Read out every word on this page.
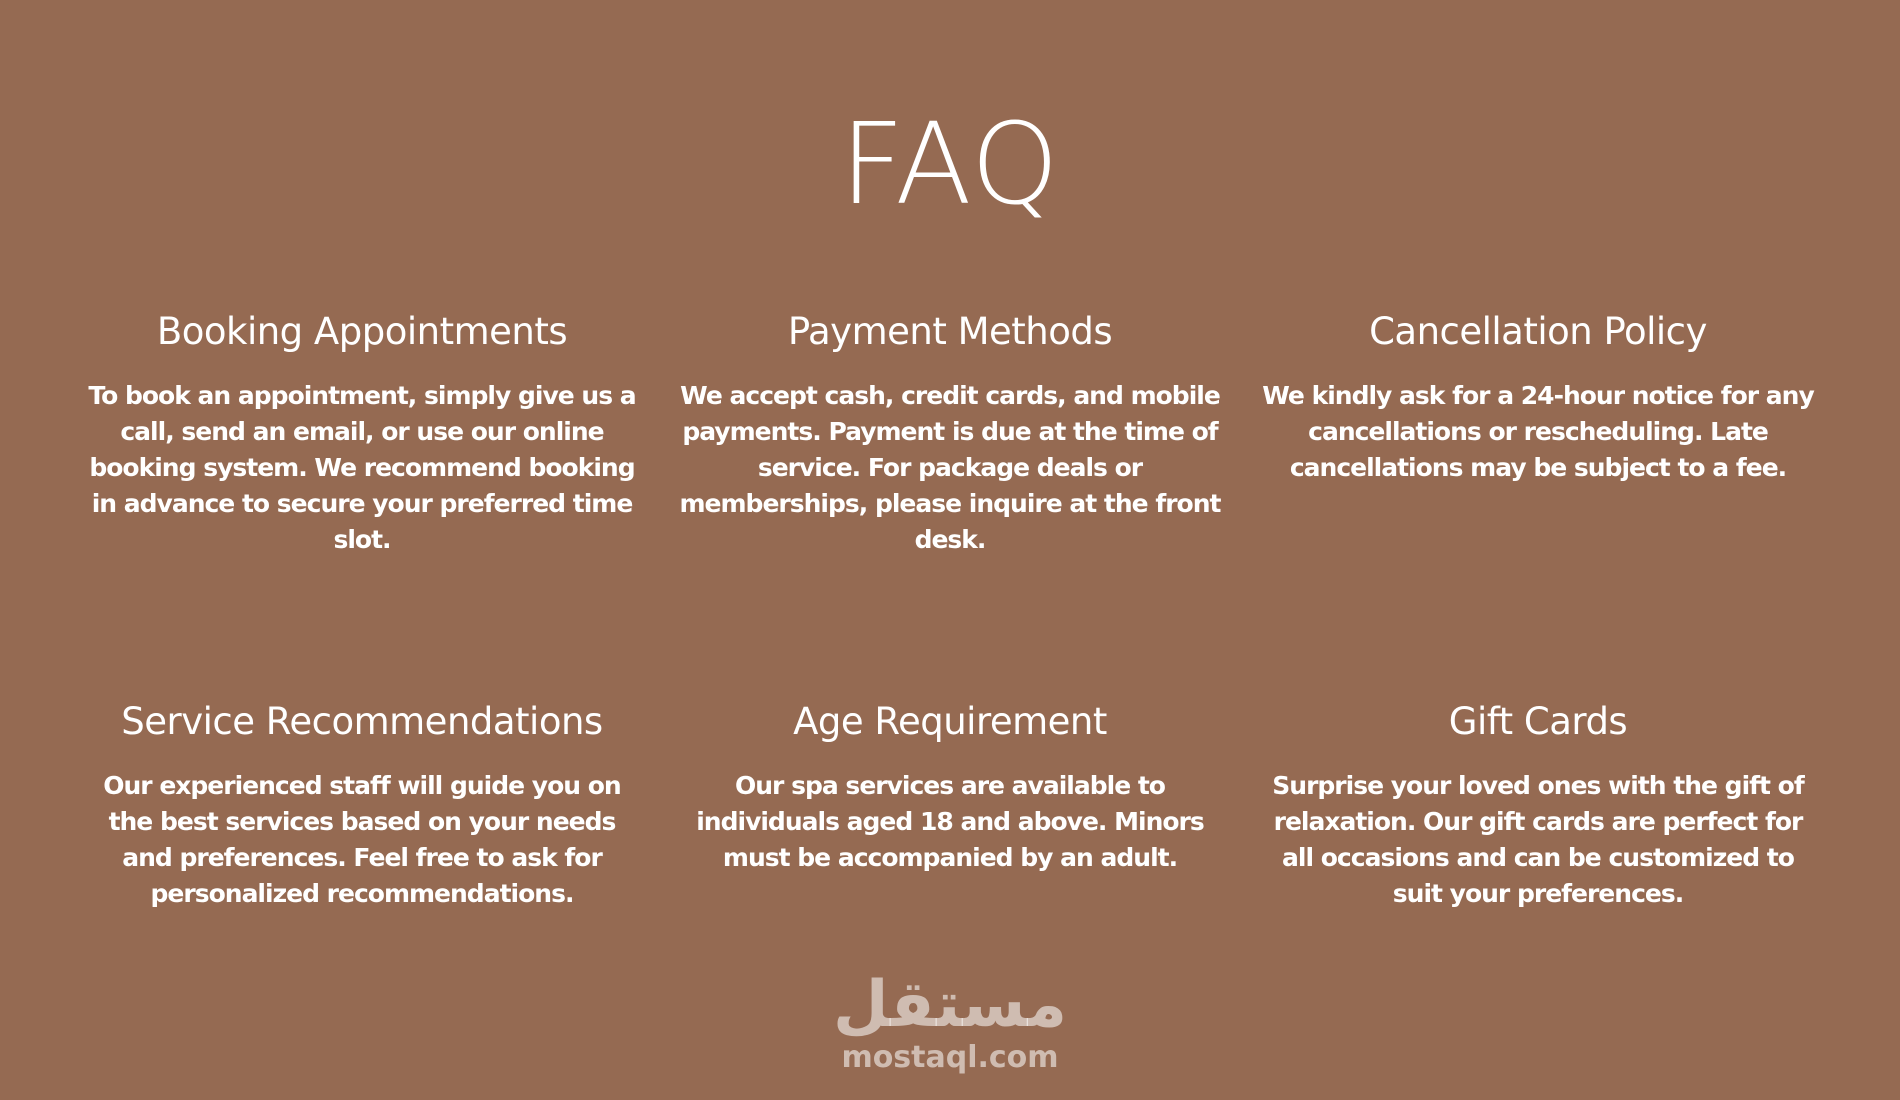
FAQ
Booking Appointments

To book an appointment, simply give us a call, send an email, or use our online booking system. We recommend booking in advance to secure your preferred time slot.

Payment Methods

We accept cash, credit cards, and mobile payments. Payment is due at the time of service. For package deals or memberships, please inquire at the front desk.

Cancellation Policy

We kindly ask for a 24-hour notice for any cancellations or rescheduling. Late cancellations may be subject to a fee.

Service Recommendations

Our experienced staff will guide you on the best services based on your needs and preferences. Feel free to ask for personalized recommendations.

Age Requirement

Our spa services are available to individuals aged 18 and above. Minors must be accompanied by an adult.

Gift Cards

Surprise your loved ones with the gift of relaxation. Our gift cards are perfect for all occasions and can be customized to suit your preferences.

مستقل
mostaql.com
